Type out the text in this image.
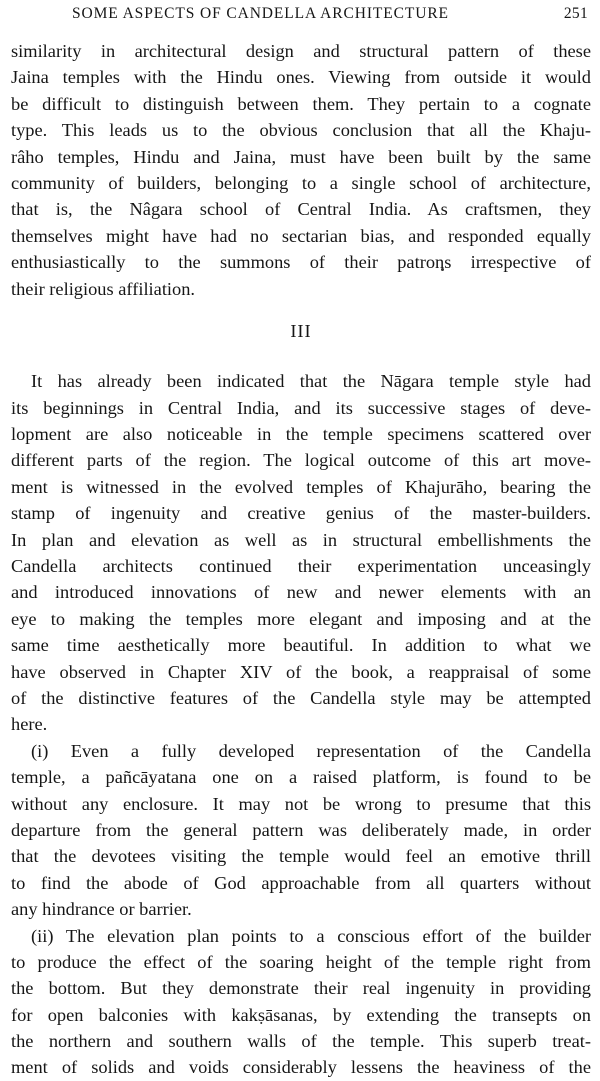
SOME ASPECTS OF CANDELLA ARCHITECTURE	251
similarity in architectural design and structural pattern of these
Jaina temples with the Hindu ones. Viewing from outside it would
be difficult to distinguish between them. They pertain to a cognate
type. This leads us to the obvious conclusion that all the Khaju-
râho temples, Hindu and Jaina, must have been built by the same
community of builders, belonging to a single school of architecture,
that is, the Nâgara school of Central India. As craftsmen, they
themselves might have had no sectarian bias, and responded equally
enthusiastically to the summons of their patrons irrespective of
their religious affiliation.
III
It has already been indicated that the Nāgara temple style had
its beginnings in Central India, and its successive stages of deve-
lopment are also noticeable in the temple specimens scattered over
different parts of the region. The logical outcome of this art move-
ment is witnessed in the evolved temples of Khajurāho, bearing the
stamp of ingenuity and creative genius of the master-builders.
In plan and elevation as well as in structural embellishments the
Candella architects continued their experimentation unceasingly
and introduced innovations of new and newer elements with an
eye to making the temples more elegant and imposing and at the
same time aesthetically more beautiful. In addition to what we
have observed in Chapter XIV of the book, a reappraisal of some
of the distinctive features of the Candella style may be attempted
here.
(i) Even a fully developed representation of the Candella
temple, a pañcāyatana one on a raised platform, is found to be
without any enclosure. It may not be wrong to presume that this
departure from the general pattern was deliberately made, in order
that the devotees visiting the temple would feel an emotive thrill
to find the abode of God approachable from all quarters without
any hindrance or barrier.
(ii) The elevation plan points to a conscious effort of the builder
to produce the effect of the soaring height of the temple right from
the bottom. But they demonstrate their real ingenuity in providing
for open balconies with kakṣāsanas, by extending the transepts on
the northern and southern walls of the temple. This superb treat-
ment of solids and voids considerably lessens the heaviness of the
